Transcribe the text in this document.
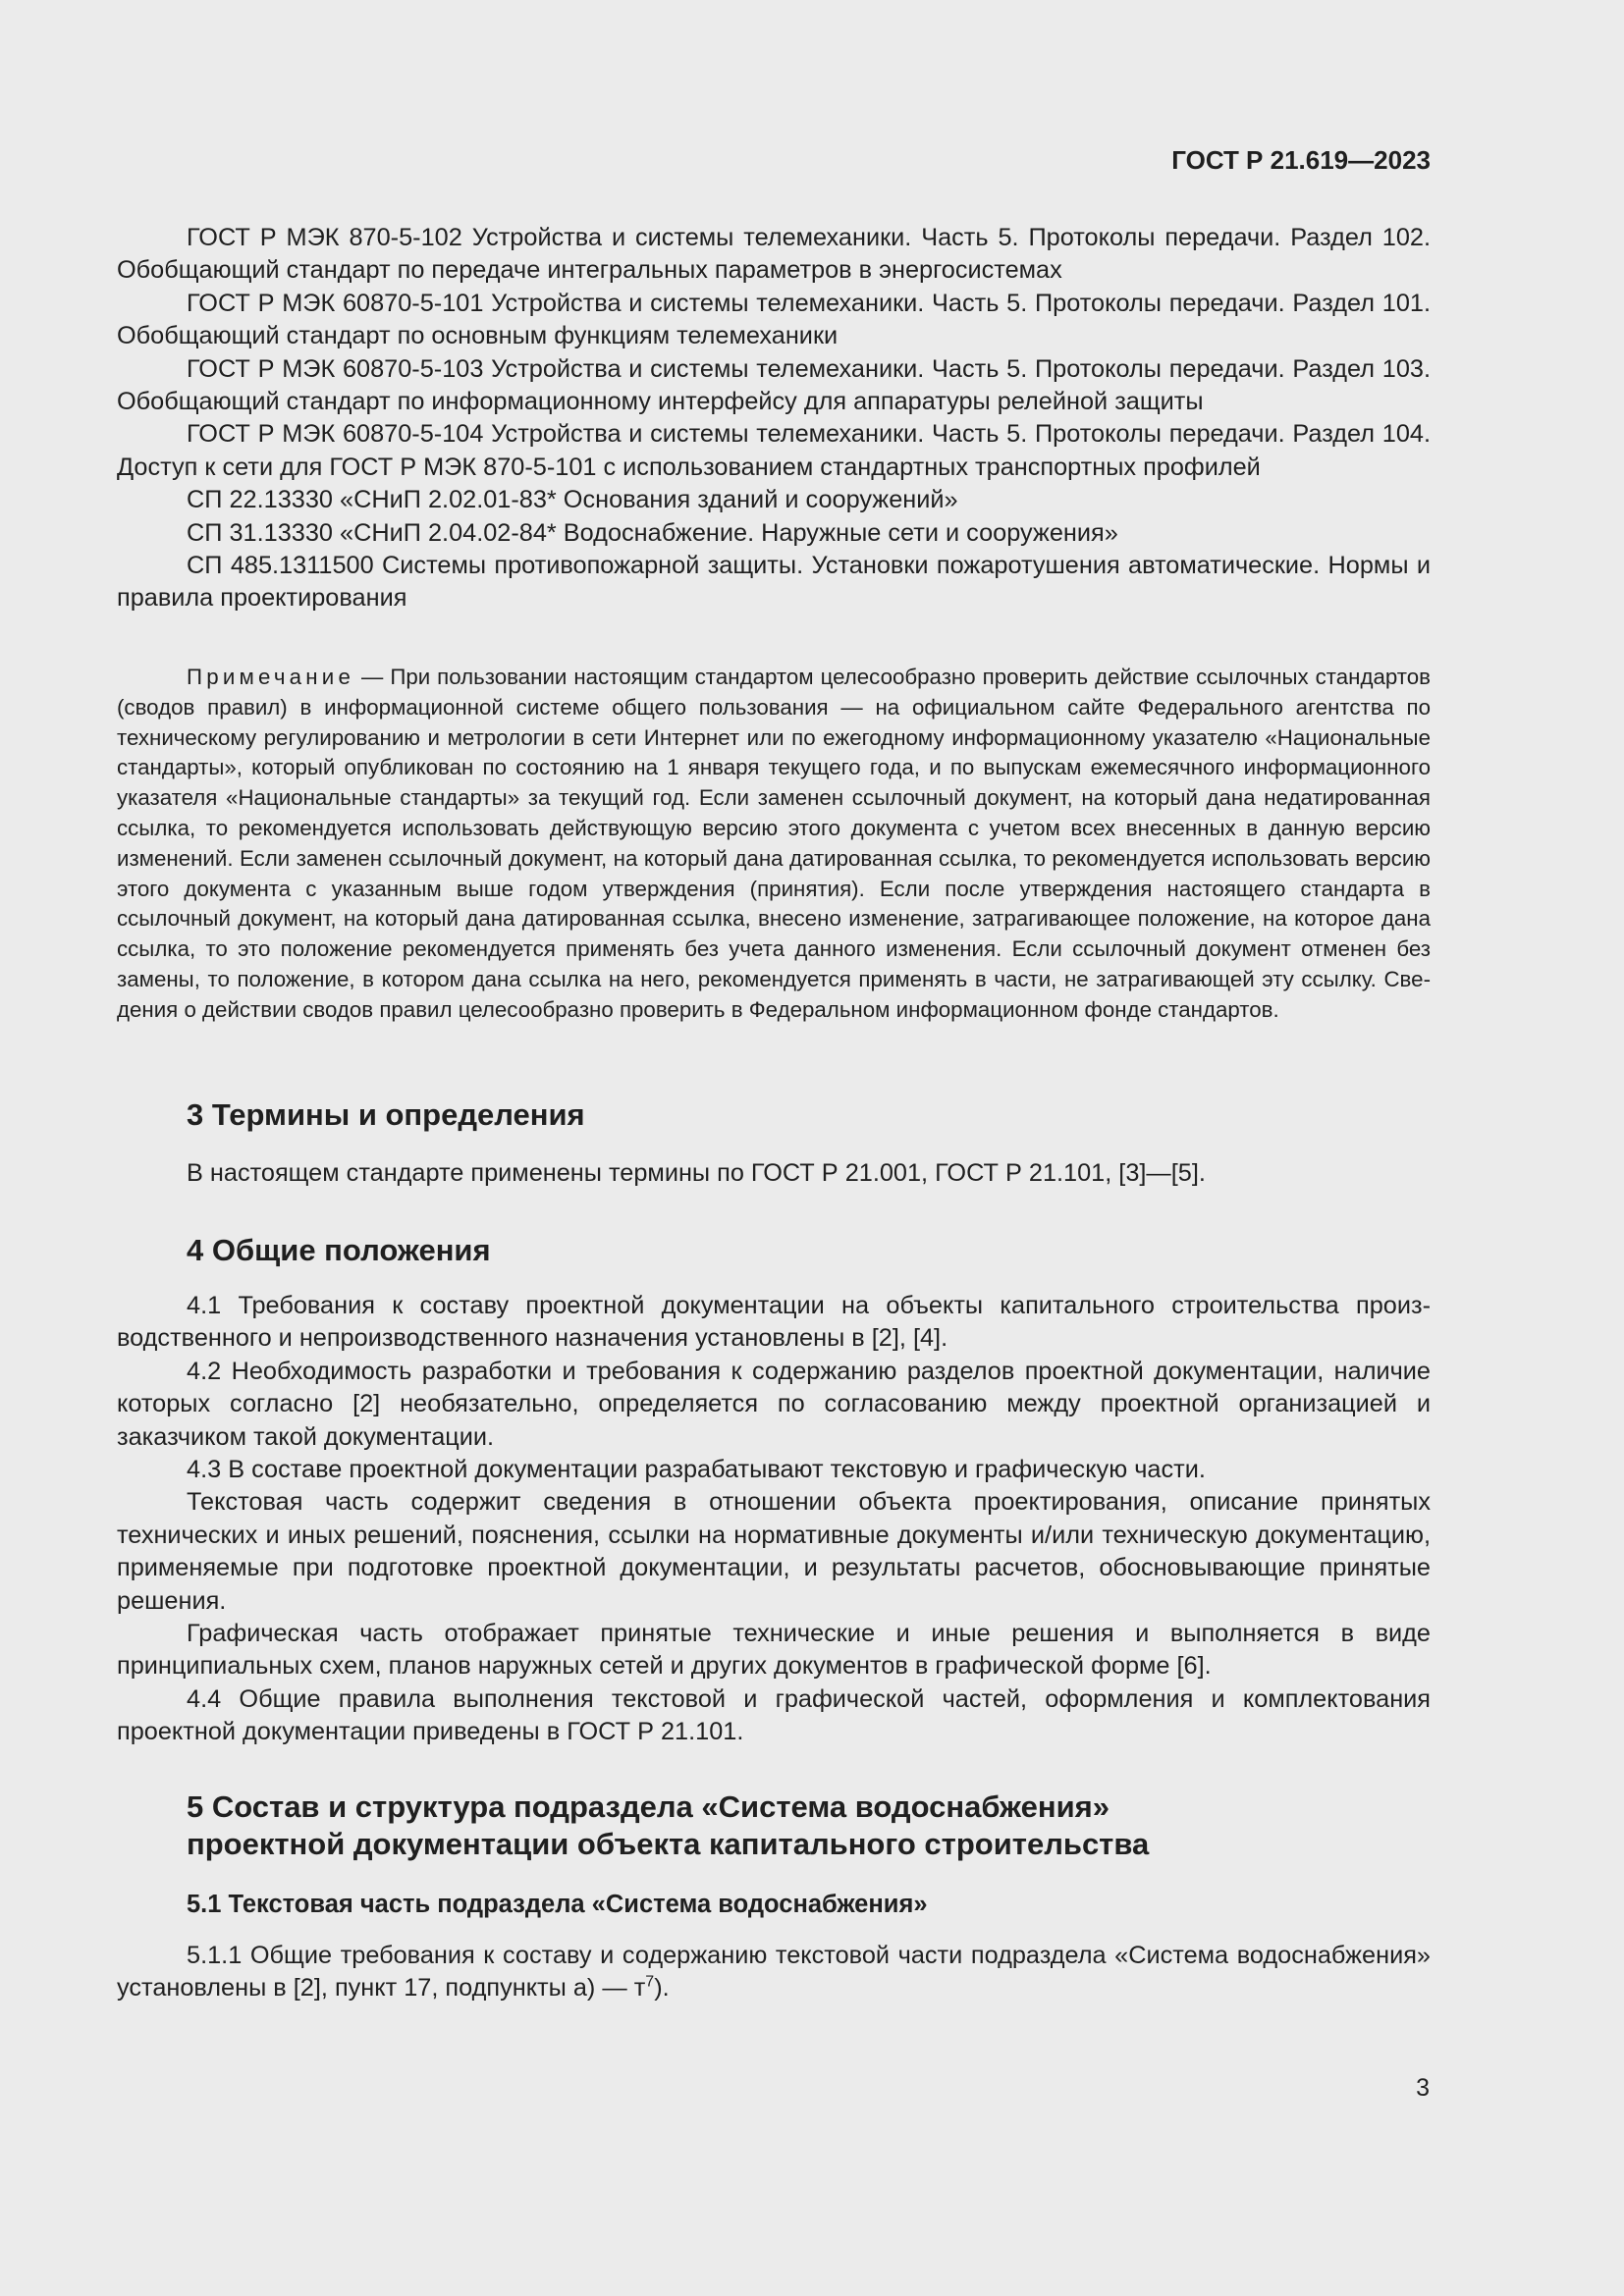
ГОСТ Р 21.619—2023

ГОСТ Р МЭК 870-5-102 Устройства и системы телемеханики. Часть 5. Протоколы передачи. Раздел 102. Обобщающий стандарт по передаче интегральных параметров в энергосистемах

ГОСТ Р МЭК 60870-5-101 Устройства и системы телемеханики. Часть 5. Протоколы передачи. Раздел 101. Обобщающий стандарт по основным функциям телемеханики

ГОСТ Р МЭК 60870-5-103 Устройства и системы телемеханики. Часть 5. Протоколы передачи. Раздел 103. Обобщающий стандарт по информационному интерфейсу для аппаратуры релейной защиты

ГОСТ Р МЭК 60870-5-104 Устройства и системы телемеханики. Часть 5. Протоколы передачи. Раздел 104. Доступ к сети для ГОСТ Р МЭК 870-5-101 с использованием стандартных транспортных профилей

СП 22.13330 «СНиП 2.02.01-83* Основания зданий и сооружений»

СП 31.13330 «СНиП 2.04.02-84* Водоснабжение. Наружные сети и сооружения»

СП 485.1311500 Системы противопожарной защиты. Установки пожаротушения автоматические. Нормы и правила проектирования

Примечание — При пользовании настоящим стандартом целесообразно проверить действие ссылочных стандартов (сводов правил) в информационной системе общего пользования — на официальном сайте Федерального агентства по техническому регулированию и метрологии в сети Интернет или по ежегодному информационному указателю «Национальные стандарты», который опубликован по состоянию на 1 января текущего года, и по выпускам ежемесячного информационного указателя «Национальные стандарты» за текущий год. Если заменен ссылочный документ, на который дана недатированная ссылка, то рекомендуется использовать действующую версию этого документа с учетом всех внесенных в данную версию изменений. Если заменен ссылочный документ, на который дана датированная ссылка, то рекомендуется использовать версию этого документа с указанным выше годом утверждения (принятия). Если после утверждения настоящего стандарта в ссылочный документ, на который дана датированная ссылка, внесено изменение, затрагивающее положение, на которое дана ссылка, то это положение рекомендуется применять без учета данного изменения. Если ссылочный документ отменен без замены, то положение, в котором дана ссылка на него, рекомендуется применять в части, не затрагивающей эту ссылку. Сведения о действии сводов правил целесообразно проверить в Федеральном информационном фонде стандартов.

3 Термины и определения

В настоящем стандарте применены термины по ГОСТ Р 21.001, ГОСТ Р 21.101, [3]—[5].

4 Общие положения

4.1 Требования к составу проектной документации на объекты капитального строительства производственного и непроизводственного назначения установлены в [2], [4].

4.2 Необходимость разработки и требования к содержанию разделов проектной документации, наличие которых согласно [2] необязательно, определяется по согласованию между проектной организацией и заказчиком такой документации.

4.3 В составе проектной документации разрабатывают текстовую и графическую части.

Текстовая часть содержит сведения в отношении объекта проектирования, описание принятых технических и иных решений, пояснения, ссылки на нормативные документы и/или техническую документацию, применяемые при подготовке проектной документации, и результаты расчетов, обосновывающие принятые решения.

Графическая часть отображает принятые технические и иные решения и выполняется в виде принципиальных схем, планов наружных сетей и других документов в графической форме [6].

4.4 Общие правила выполнения текстовой и графической частей, оформления и комплектования проектной документации приведены в ГОСТ Р 21.101.

5 Состав и структура подраздела «Система водоснабжения»
проектной документации объекта капитального строительства
5.1 Текстовая часть подраздела «Система водоснабжения»

5.1.1 Общие требования к составу и содержанию текстовой части подраздела «Система водоснабжения» установлены в [2], пункт 17, подпункты а) — $т^7$).

3
